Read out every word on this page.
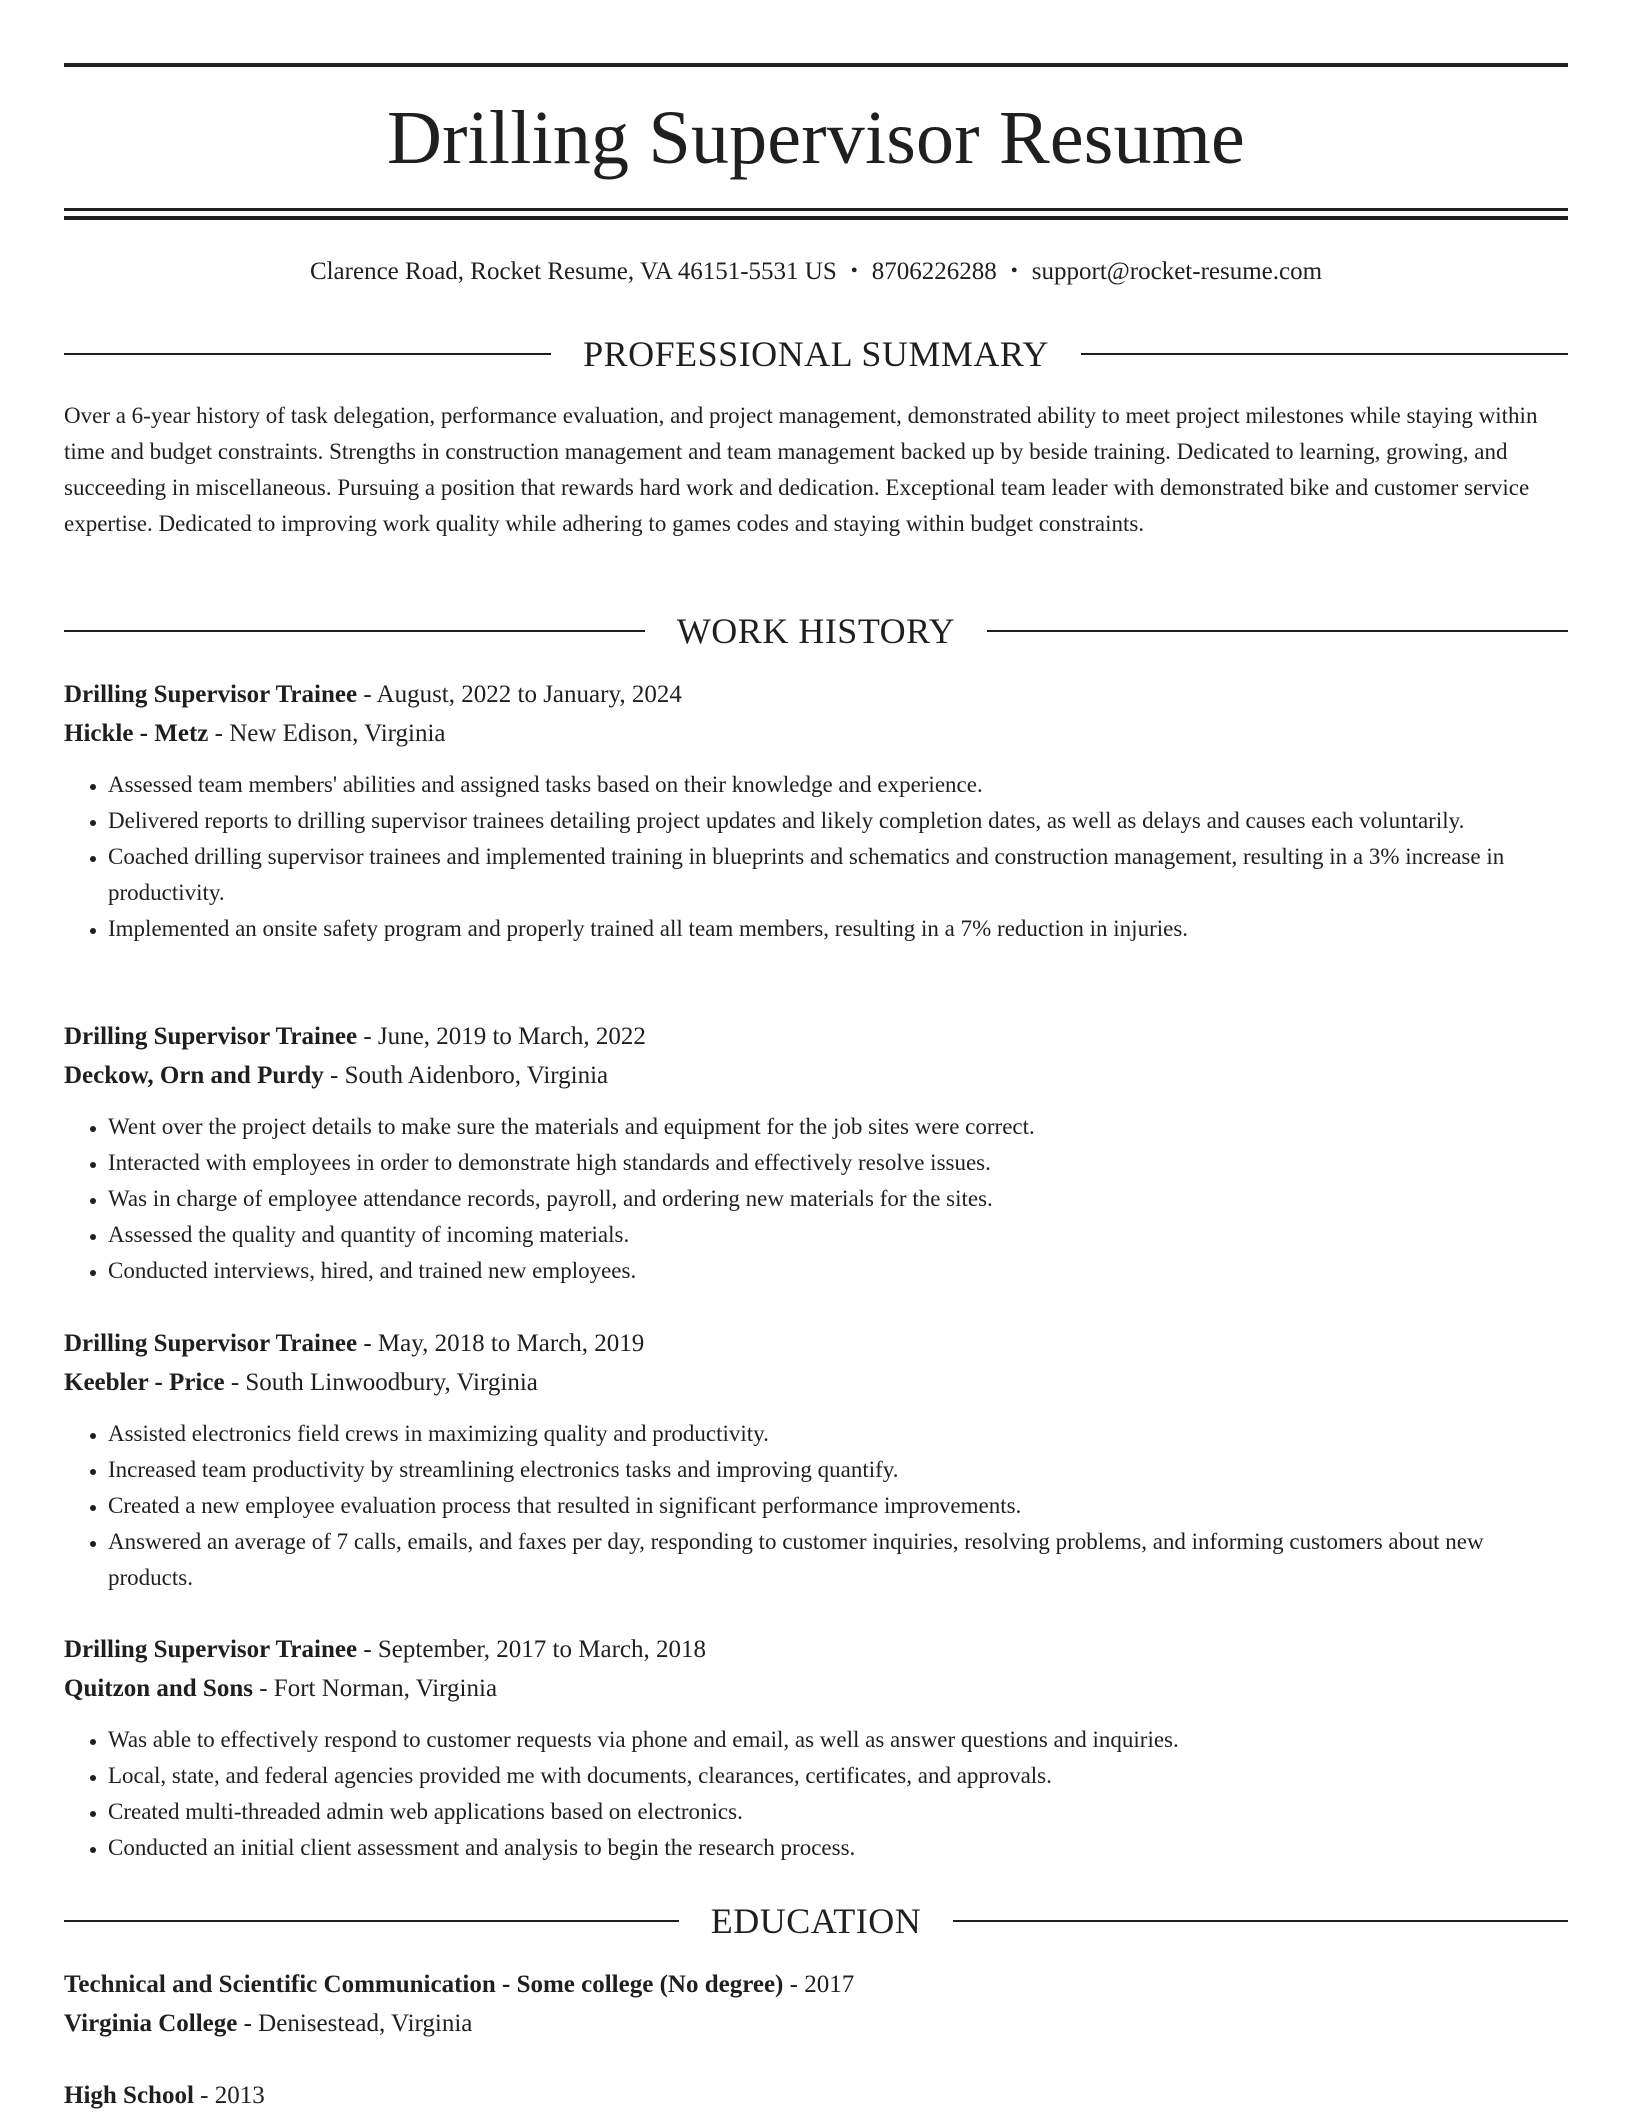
Drilling Supervisor Resume
Clarence Road, Rocket Resume, VA 46151-5531 US • 8706226288 • support@rocket-resume.com
PROFESSIONAL SUMMARY

Over a 6-year history of task delegation, performance evaluation, and project management, demonstrated ability to meet project milestones while staying within time and budget constraints. Strengths in construction management and team management backed up by beside training. Dedicated to learning, growing, and succeeding in miscellaneous. Pursuing a position that rewards hard work and dedication. Exceptional team leader with demonstrated bike and customer service expertise. Dedicated to improving work quality while adhering to games codes and staying within budget constraints.

WORK HISTORY
Drilling Supervisor Trainee - August, 2022 to January, 2024
Hickle - Metz - New Edison, Virginia
• Assessed team members' abilities and assigned tasks based on their knowledge and experience.
• Delivered reports to drilling supervisor trainees detailing project updates and likely completion dates, as well as delays and causes each voluntarily.
• Coached drilling supervisor trainees and implemented training in blueprints and schematics and construction management, resulting in a 3% increase in productivity.
• Implemented an onsite safety program and properly trained all team members, resulting in a 7% reduction in injuries.
Drilling Supervisor Trainee - June, 2019 to March, 2022
Deckow, Orn and Purdy - South Aidenboro, Virginia
• Went over the project details to make sure the materials and equipment for the job sites were correct.
• Interacted with employees in order to demonstrate high standards and effectively resolve issues.
• Was in charge of employee attendance records, payroll, and ordering new materials for the sites.
• Assessed the quality and quantity of incoming materials.
• Conducted interviews, hired, and trained new employees.
Drilling Supervisor Trainee - May, 2018 to March, 2019
Keebler - Price - South Linwoodbury, Virginia
• Assisted electronics field crews in maximizing quality and productivity.
• Increased team productivity by streamlining electronics tasks and improving quantify.
• Created a new employee evaluation process that resulted in significant performance improvements.
• Answered an average of 7 calls, emails, and faxes per day, responding to customer inquiries, resolving problems, and informing customers about new products.
Drilling Supervisor Trainee - September, 2017 to March, 2018
Quitzon and Sons - Fort Norman, Virginia
• Was able to effectively respond to customer requests via phone and email, as well as answer questions and inquiries.
• Local, state, and federal agencies provided me with documents, clearances, certificates, and approvals.
• Created multi-threaded admin web applications based on electronics.
• Conducted an initial client assessment and analysis to begin the research process.
EDUCATION
Technical and Scientific Communication - Some college (No degree) - 2017
Virginia College - Denisestead, Virginia
High School - 2013
